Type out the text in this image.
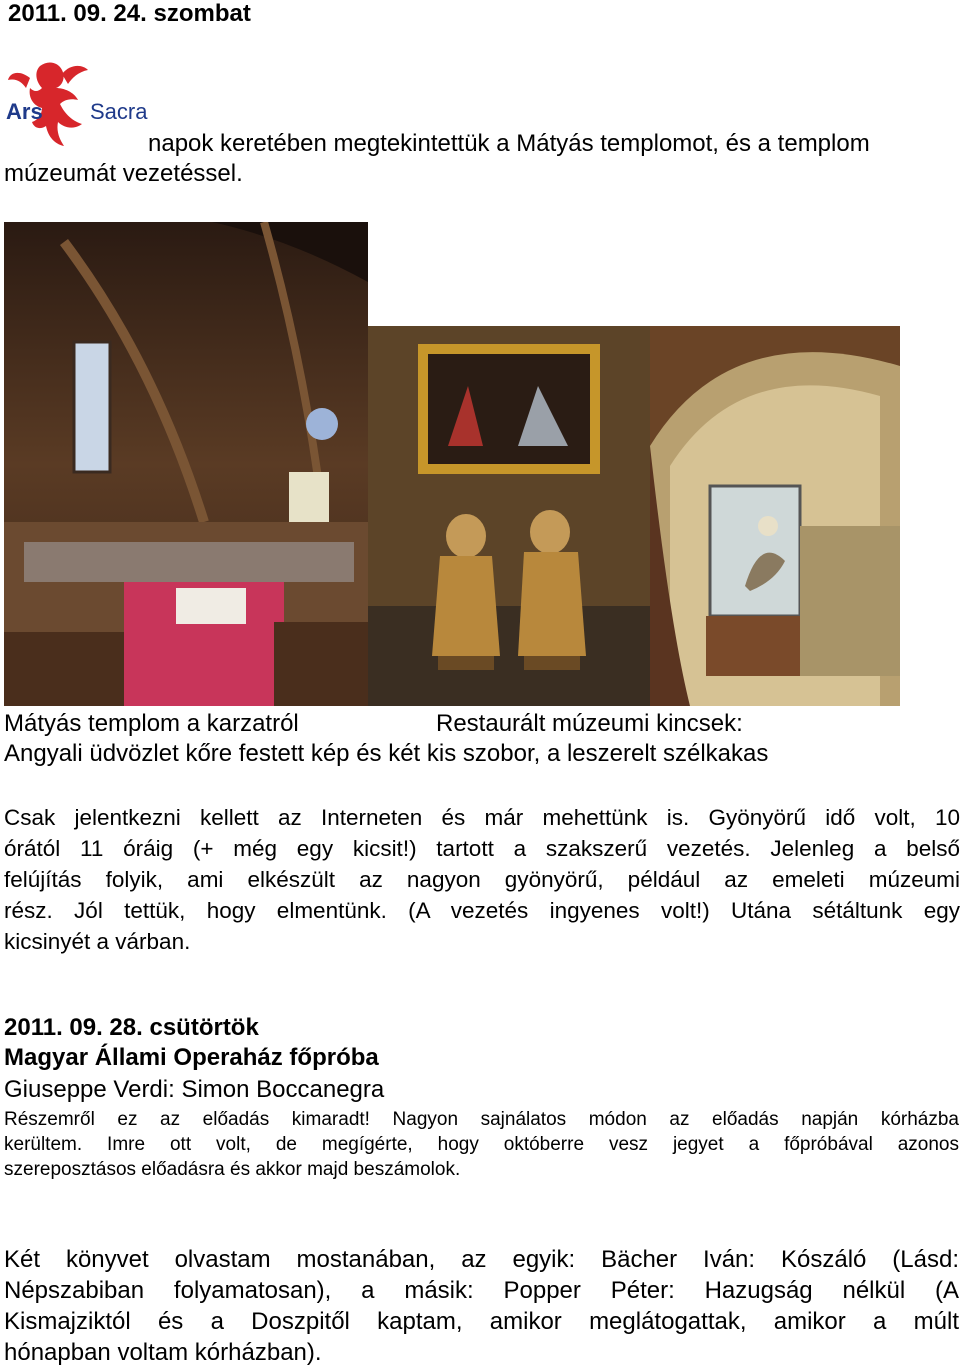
2011. 09. 24. szombat
Ars Sacra
napok keretében megtekintettük a Mátyás templomot, és a templom
múzeumát vezetéssel.
Mátyás templom a karzatról	Restaurált múzeumi kincsek:
Angyali üdvözlet kőre festett kép és két kis szobor, a leszerelt szélkakas
Csak jelentkezni kellett az Interneten és már mehettünk is. Gyönyörű idő volt, 10
órától 11 óráig (+ még egy kicsit!) tartott a szakszerű vezetés. Jelenleg a belső
felújítás folyik, ami elkészült az nagyon gyönyörű, például az emeleti múzeumi
rész. Jól tettük, hogy elmentünk. (A vezetés ingyenes volt!) Utána sétáltunk egy
kicsinyét a várban.
2011. 09. 28. csütörtök
Magyar Állami Operaház főpróba
Giuseppe Verdi: Simon Boccanegra
Részemről ez az előadás kimaradt! Nagyon sajnálatos módon az előadás napján kórházba
kerültem. Imre ott volt, de megígérte, hogy októberre vesz jegyet a főpróbával azonos
szereposztásos előadásra és akkor majd beszámolok.
Két könyvet olvastam mostanában, az egyik: Bächer Iván: Kószáló (Lásd:
Népszabiban folyamatosan), a másik: Popper Péter: Hazugság nélkül (A
Kismajziktól és a Doszpitől kaptam, amikor meglátogattak, amikor a múlt
hónapban voltam kórházban).
